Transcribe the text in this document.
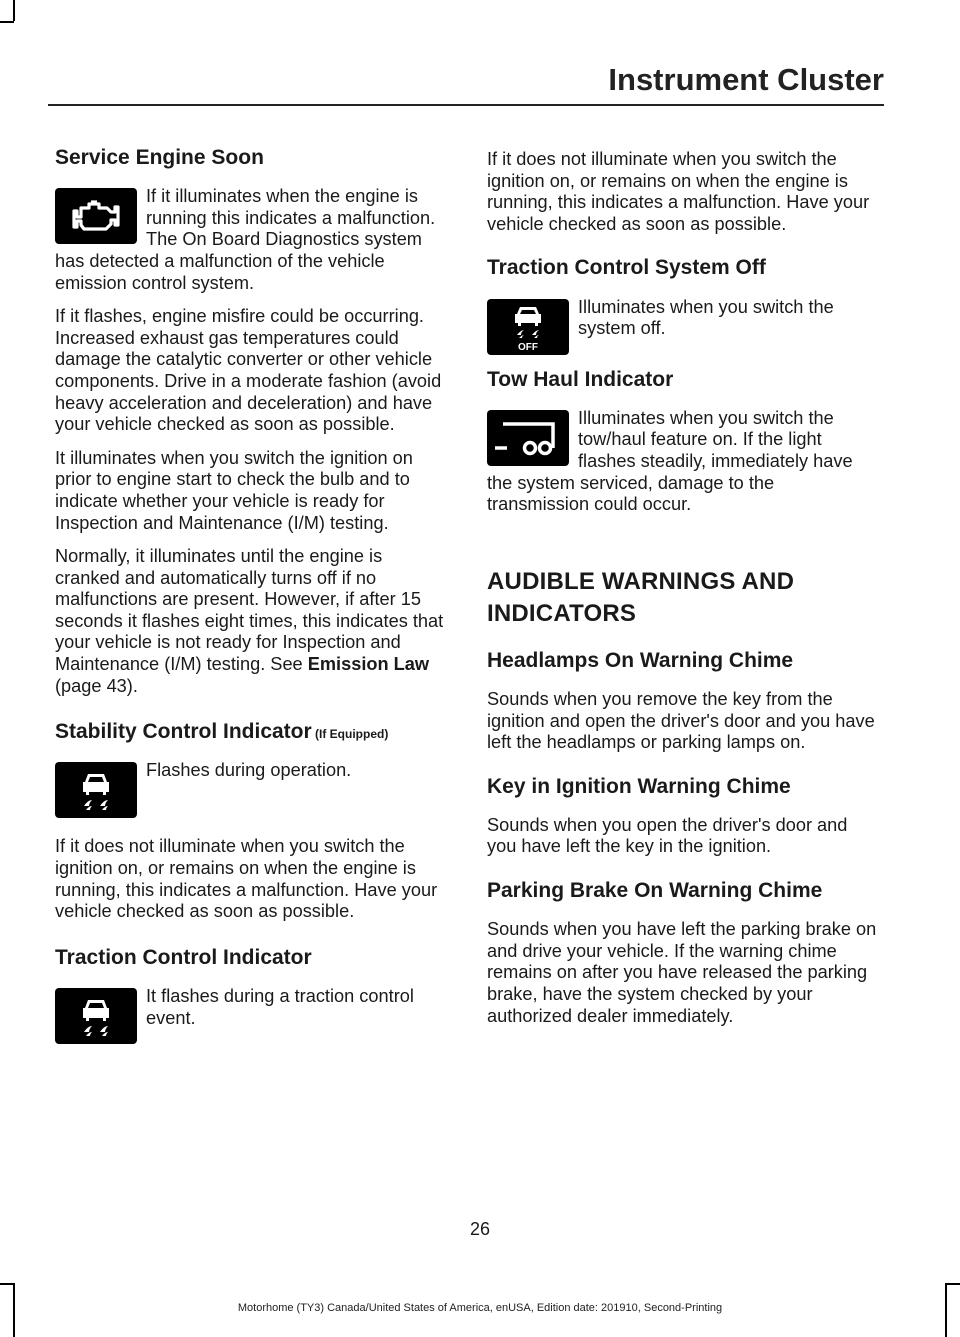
Instrument Cluster
Service Engine Soon

If it illuminates when the engine is running this indicates a malfunction. The On Board Diagnostics system has detected a malfunction of the vehicle emission control system.

If it flashes, engine misfire could be occurring. Increased exhaust gas temperatures could damage the catalytic converter or other vehicle components. Drive in a moderate fashion (avoid heavy acceleration and deceleration) and have your vehicle checked as soon as possible.

It illuminates when you switch the ignition on prior to engine start to check the bulb and to indicate whether your vehicle is ready for Inspection and Maintenance (I/M) testing.

Normally, it illuminates until the engine is cranked and automatically turns off if no malfunctions are present. However, if after 15 seconds it flashes eight times, this indicates that your vehicle is not ready for Inspection and Maintenance (I/M) testing. See Emission Law (page 43).

Stability Control Indicator (If Equipped)

Flashes during operation.

If it does not illuminate when you switch the ignition on, or remains on when the engine is running, this indicates a malfunction. Have your vehicle checked as soon as possible.

Traction Control Indicator

It flashes during a traction control event.

If it does not illuminate when you switch the ignition on, or remains on when the engine is running, this indicates a malfunction. Have your vehicle checked as soon as possible.

Traction Control System Off
OFF

Illuminates when you switch the system off.

Tow Haul Indicator

Illuminates when you switch the tow/haul feature on. If the light flashes steadily, immediately have the system serviced, damage to the transmission could occur.

AUDIBLE WARNINGS AND
INDICATORS
Headlamps On Warning Chime

Sounds when you remove the key from the ignition and open the driver's door and you have left the headlamps or parking lamps on.

Key in Ignition Warning Chime

Sounds when you open the driver's door and you have left the key in the ignition.

Parking Brake On Warning Chime

Sounds when you have left the parking brake on and drive your vehicle. If the warning chime remains on after you have released the parking brake, have the system checked by your authorized dealer immediately.

26
Motorhome (TY3) Canada/United States of America, enUSA, Edition date: 201910, Second-Printing
